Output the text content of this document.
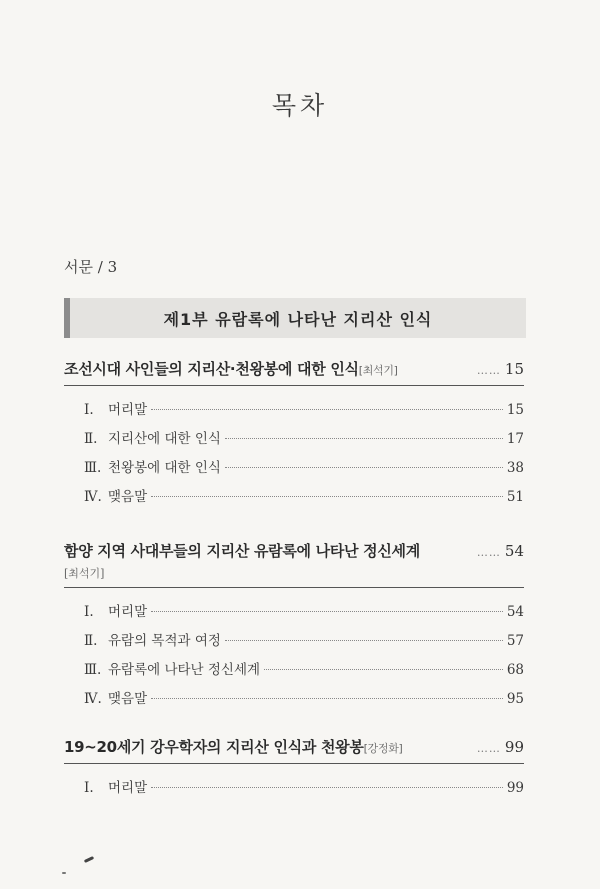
목차
서문 / 3
제1부 유람록에 나타난 지리산 인식
조선시대 사인들의 지리산·천왕봉에 대한 인식[최석기]	…… 15
Ⅰ.	머리말	15
Ⅱ. 지리산에 대한 인식	17
Ⅲ. 천왕봉에 대한 인식	38
Ⅳ. 맺음말	51
함양 지역 사대부들의 지리산 유람록에 나타난 정신세계	…… 54
[최석기]
Ⅰ.	머리말	54
Ⅱ. 유람의 목적과 여정	57
Ⅲ. 유람록에 나타난 정신세계	68
Ⅳ. 맺음말	95
19~20세기 강우학자의 지리산 인식과 천왕봉[강정화]	…… 99
Ⅰ.	머리말	99
